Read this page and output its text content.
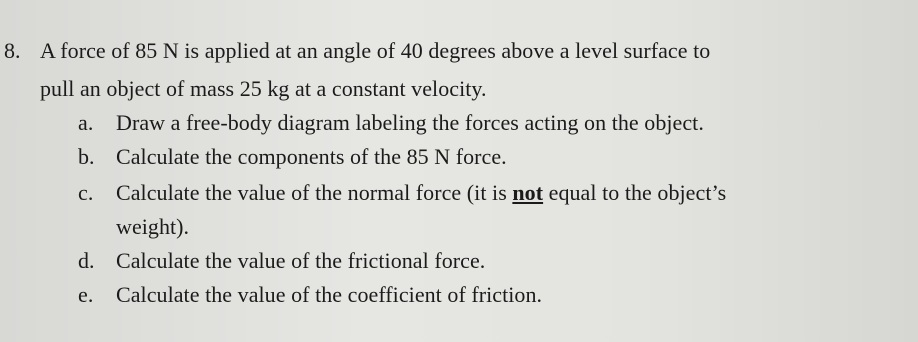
8. A force of 85 N is applied at an angle of 40 degrees above a level surface to
pull an object of mass 25 kg at a constant velocity.
a. Draw a free-body diagram labeling the forces acting on the object.
b. Calculate the components of the 85 N force.
c. Calculate the value of the normal force (it is not equal to the object’s
weight).
d. Calculate the value of the frictional force.
e. Calculate the value of the coefficient of friction.
